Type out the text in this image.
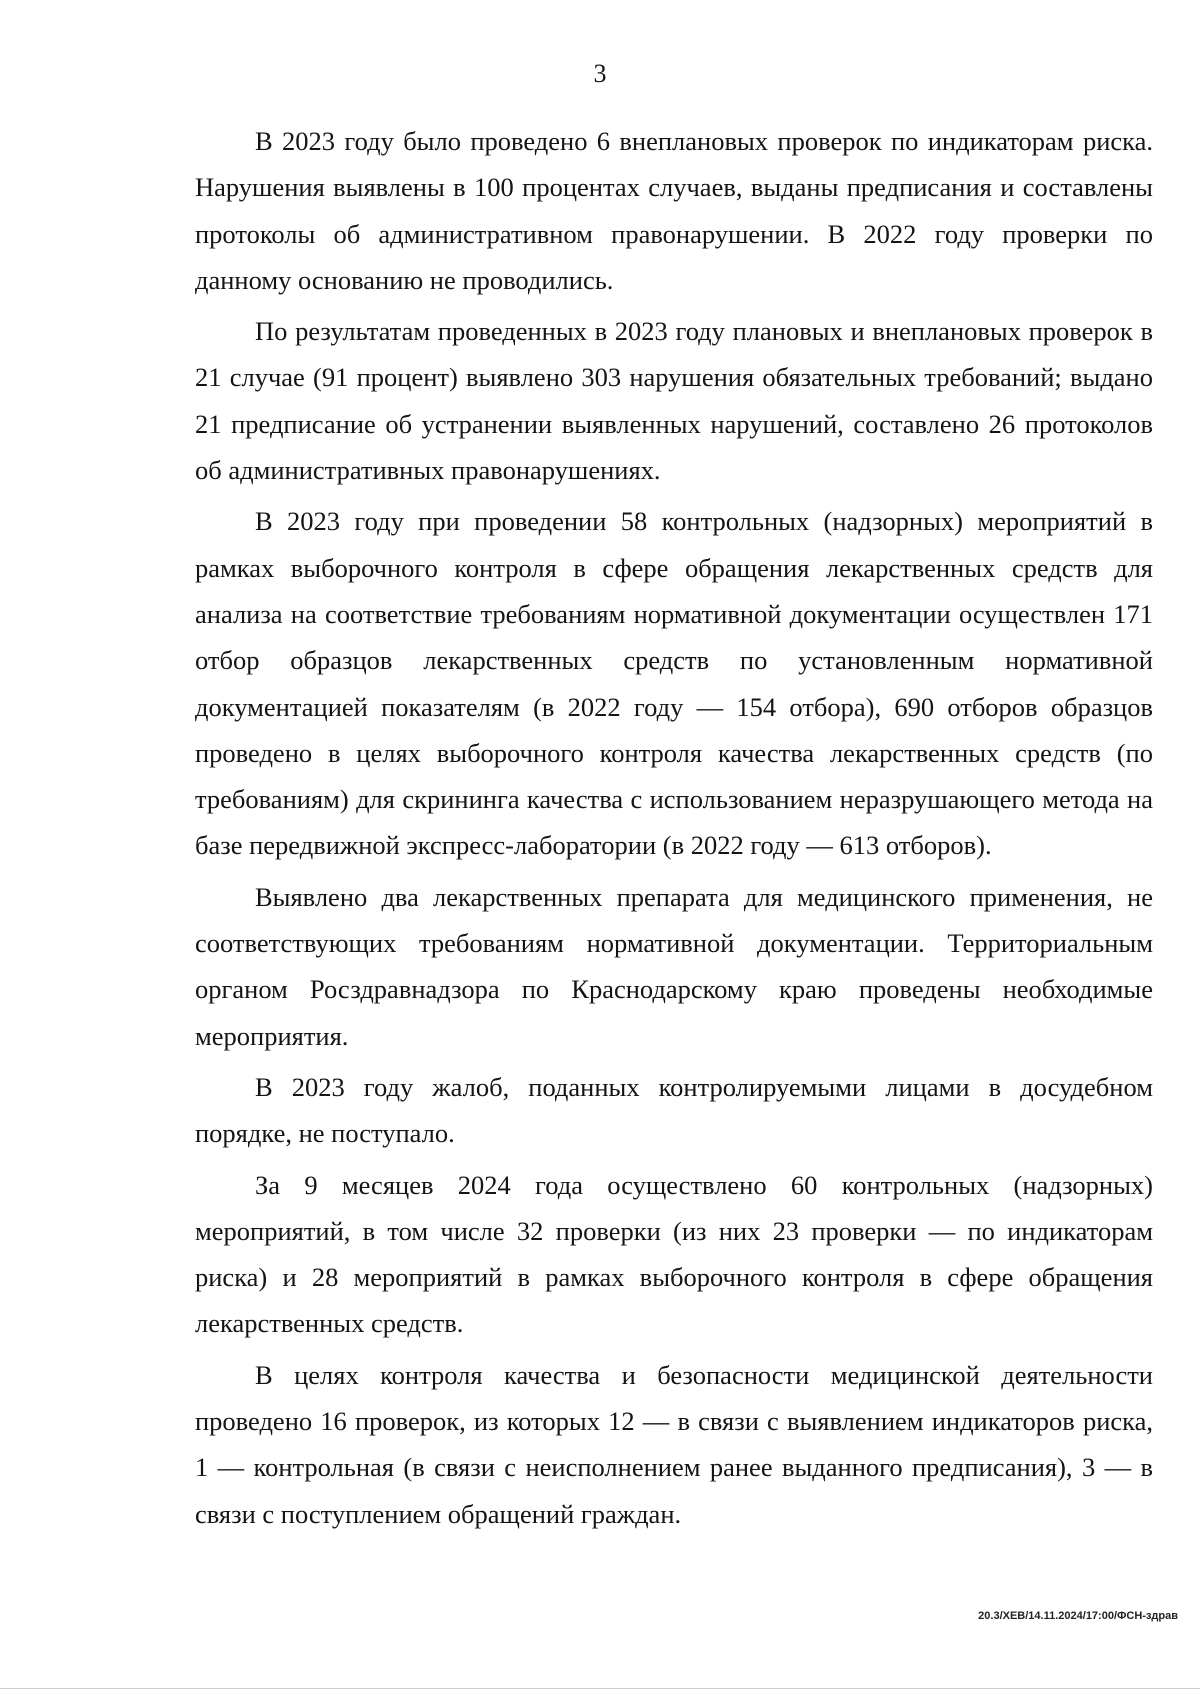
3

В 2023 году было проведено 6 внеплановых проверок по индикаторам риска. Нарушения выявлены в 100 процентах случаев, выданы предписания и составлены протоколы об административном правонарушении. В 2022 году проверки по данному основанию не проводились.

По результатам проведенных в 2023 году плановых и внеплановых проверок в 21 случае (91 процент) выявлено 303 нарушения обязательных требований; выдано 21 предписание об устранении выявленных нарушений, составлено 26 протоколов об административных правонарушениях.

В 2023 году при проведении 58 контрольных (надзорных) мероприятий в рамках выборочного контроля в сфере обращения лекарственных средств для анализа на соответствие требованиям нормативной документации осуществлен 171 отбор образцов лекарственных средств по установленным нормативной документацией показателям (в 2022 году — 154 отбора), 690 отборов образцов проведено в целях выборочного контроля качества лекарственных средств (по требованиям) для скрининга качества с использованием неразрушающего метода на базе передвижной экспресс-лаборатории (в 2022 году — 613 отборов).

Выявлено два лекарственных препарата для медицинского применения, не соответствующих требованиям нормативной документации. Территориальным органом Росздравнадзора по Краснодарскому краю проведены необходимые мероприятия.

В 2023 году жалоб, поданных контролируемыми лицами в досудебном порядке, не поступало.

За 9 месяцев 2024 года осуществлено 60 контрольных (надзорных) мероприятий, в том числе 32 проверки (из них 23 проверки — по индикаторам риска) и 28 мероприятий в рамках выборочного контроля в сфере обращения лекарственных средств.

В целях контроля качества и безопасности медицинской деятельности проведено 16 проверок, из которых 12 — в связи с выявлением индикаторов риска, 1 — контрольная (в связи с неисполнением ранее выданного предписания), 3 — в связи с поступлением обращений граждан.

20.3/ХЕВ/14.11.2024/17:00/ФСН-здрав
